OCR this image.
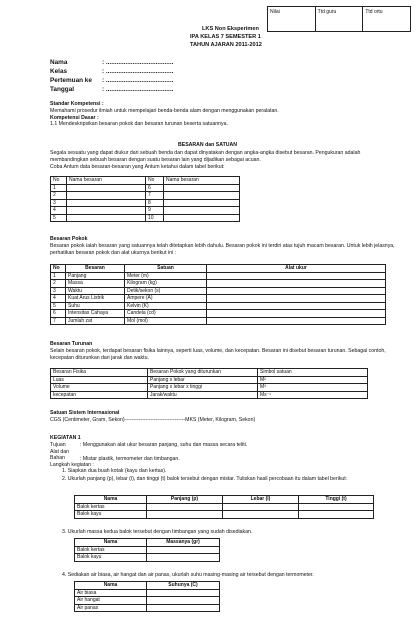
Nilai	Ttd guru	Ttd ortu
LKS Non Eksperimen
IPA KELAS 7 SEMESTER 1
TAHUN AJARAN 2011-2012
Nama	: ......................................
Kelas	: ......................................
Pertemuan ke : ......................................
Tanggal	: ......................................
Standar Kompetensi :
Memahami prosedur ilmiah untuk mempelajari benda-benda alam dengan menggunakan peralatan.
Kompetensi Dasar :
1.1 Mendeskripsikan besaran pokok dan besaran turunan beserta satuannya.
BESARAN dan SATUAN
Segala sesuatu yang dapat diukur dari sebuah benda dan dapat dinyatakan dengan angka-angka disebut besaran. Pengukuran adalah membandingkan sebuah besaran dengan suatu besaran lain yang dijadikan sebagai acuan.
Coba Antum data besaran-besaran yang Antum ketahui dalam tabel berikut:
No	Nama besaran	No	Nama besaran
1		6	
2		7	
3		8	
4		9	
5		10	
Besaran Pokok
Besaran pokok ialah besaran yang satuannya telah ditetapkan lebih dahulu. Besaran pokok ini terdiri atas tujuh macam besaran. Untuk lebih jelasnya, perhatikan besaran pokok dan alat ukurnya berikut ini :
No	Besaran	Satuan	Alat ukur
1	Panjang	Meter (m)	
2	Massa	Kilogram (kg)	
3	Waktu	Detik/sekon (s)	
4	Kuat Arus Listrik	Ampere (A)	
5	Suhu	Kelvin (K)	
6	Intensitas Cahaya	Candela (cd)	
7	Jumlah zat	Mol (mol)	
Besaran Turunan
Selain besaran pokok, terdapat besaran fisika lainnya, seperti luas, volume, dan kecepatan. Besaran ini disebut besaran turunan. Sebagai contoh, kecepatan diturunkan dari jarak dan waktu.
Besaran Fisika	Besaran Pokok yang diturunkan	Simbol satuan
Luas	Panjang x lebar	M²
Volume	Panjang x lebar x tinggi	M³
kecepatan	Jarak/waktu	Ms⁻¹
Satuan Sistem Internasional
CGS (Centimeter, Gram, Sekon)-----------------------------------MKS (Meter, Kilogram, Sekon)
KEGIATAN 1
Tujuan	: Menggunakan alat ukur besaran panjang, suhu dan massa secara teliti.
Alat dan Bahan	: Mistar plastik, termometer dan timbangan.
Langkah kegiatan :
1. Siapkan dua buah kotak (kayu dan kertas).
2. Ukurlah panjang (p), lebar (l), dan tinggi (t) balok tersebut dengan mistar. Tuliskan hasil percobaan itu dalam tabel berikut:
Nama	Panjang (p)	Lebar (l)	Tinggi (t)
Balok kertas			
Balok kayu			
3. Ukurlah massa kedua balok tersebut dengan timbangan yang sudah disediakan.
Nama	Massanya (gr)
Balok kertas	
Balok kayu	
4. Sediakan air biasa, air hangat dan air panas, ukurlah suhu masing-masing air tersebut dengan termometer.
Nama	Suhunya (C)
Air biasa	
Air hangat	
Air panas	
